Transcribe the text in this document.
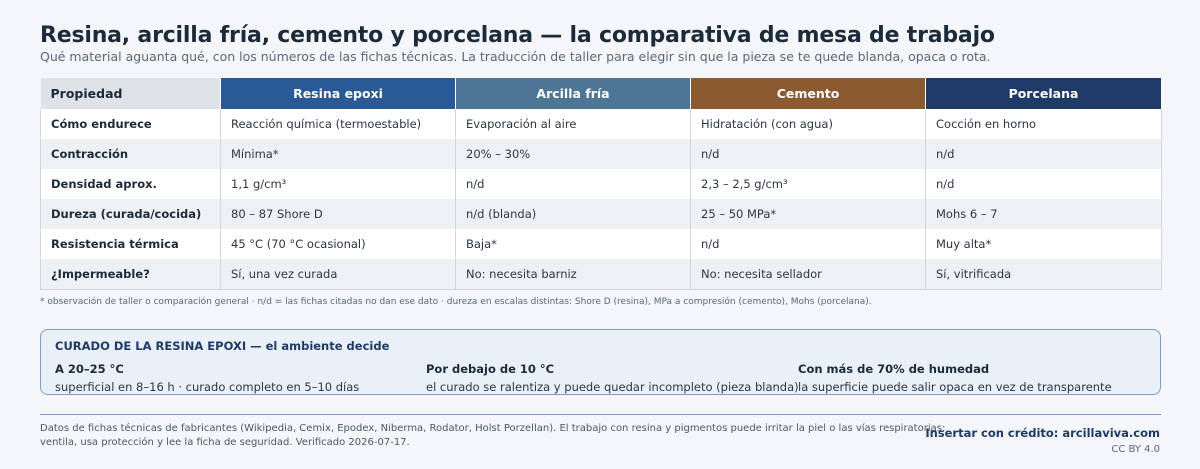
Resina, arcilla fría, cemento y porcelana — la comparativa de mesa de trabajo
Qué material aguanta qué, con los números de las fichas técnicas. La traducción de taller para elegir sin que la pieza se te quede blanda, opaca o rota.
Propiedad	Resina epoxi	Arcilla fría	Cemento	Porcelana
Cómo endurece	Reacción química (termoestable)	Evaporación al aire	Hidratación (con agua)	Cocción en horno
Contracción	Mínima*	20% – 30%	n/d	n/d
Densidad aprox.	1,1 g/cm³	n/d	2,3 – 2,5 g/cm³	n/d
Dureza (curada/cocida)	80 – 87 Shore D	n/d (blanda)	25 – 50 MPa*	Mohs 6 – 7
Resistencia térmica	45 °C (70 °C ocasional)	Baja*	n/d	Muy alta*
¿Impermeable?	Sí, una vez curada	No: necesita barniz	No: necesita sellador	Sí, vitrificada
* observación de taller o comparación general · n/d = las fichas citadas no dan ese dato · dureza en escalas distintas: Shore D (resina), MPa a compresión (cemento), Mohs (porcelana).
CURADO DE LA RESINA EPOXI — el ambiente decide
A 20–25 °C
superficial en 8–16 h · curado completo en 5–10 días
Por debajo de 10 °C
el curado se ralentiza y puede quedar incompleto (pieza blanda)
Con más de 70% de humedad
la superficie puede salir opaca en vez de transparente
Datos de fichas técnicas de fabricantes (Wikipedia, Cemix, Epodex, Niberma, Rodator, Holst Porzellan). El trabajo con resina y pigmentos puede irritar la piel o las vías respiratorias: ventila, usa protección y lee la ficha de seguridad. Verificado 2026-07-17.
Insertar con crédito: arcillaviva.com
CC BY 4.0
